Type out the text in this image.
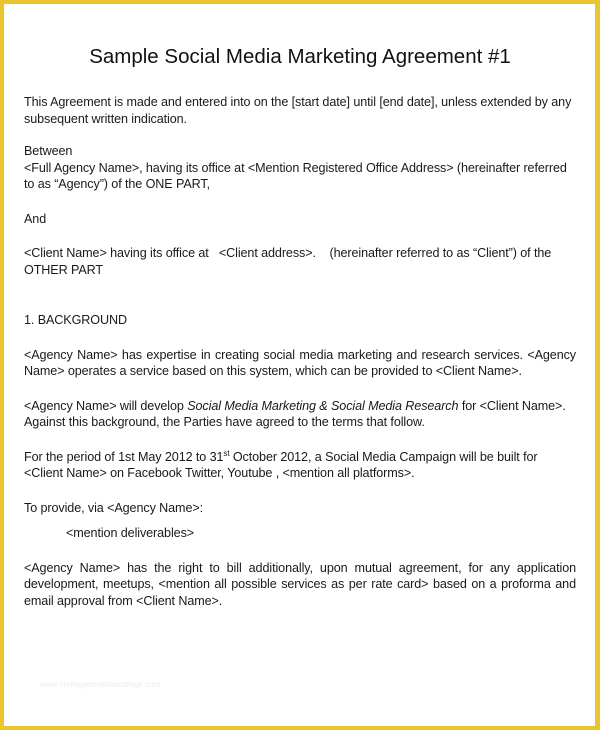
Sample Social Media Marketing Agreement #1

This Agreement is made and entered into on the [start date] until [end date], unless extended by any subsequent written indication.

Between

<Full Agency Name>, having its office at <Mention Registered Office Address> (hereinafter referred to as “Agency”) of the ONE PART,

And

<Client Name> having its office at   <Client address>.    (hereinafter referred to as “Client”) of the OTHER PART

1. BACKGROUND

<Agency Name> has expertise in creating social media marketing and research services. <Agency Name> operates a service based on this system, which can be provided to <Client Name>.

<Agency Name> will develop Social Media Marketing & Social Media Research for <Client Name>. Against this background, the Parties have agreed to the terms that follow.

For the period of 1st May 2012 to 31st October 2012, a Social Media Campaign will be built for <Client Name> on Facebook Twitter, Youtube , <mention all platforms>.

To provide, via <Agency Name>:

<mention deliverables>

<Agency Name> has the right to bill additionally, upon mutual agreement, for any application development, meetups, <mention all possible services as per rate card> based on a proforma and email approval from <Client Name>.

www.heritagechristiancollege.com
